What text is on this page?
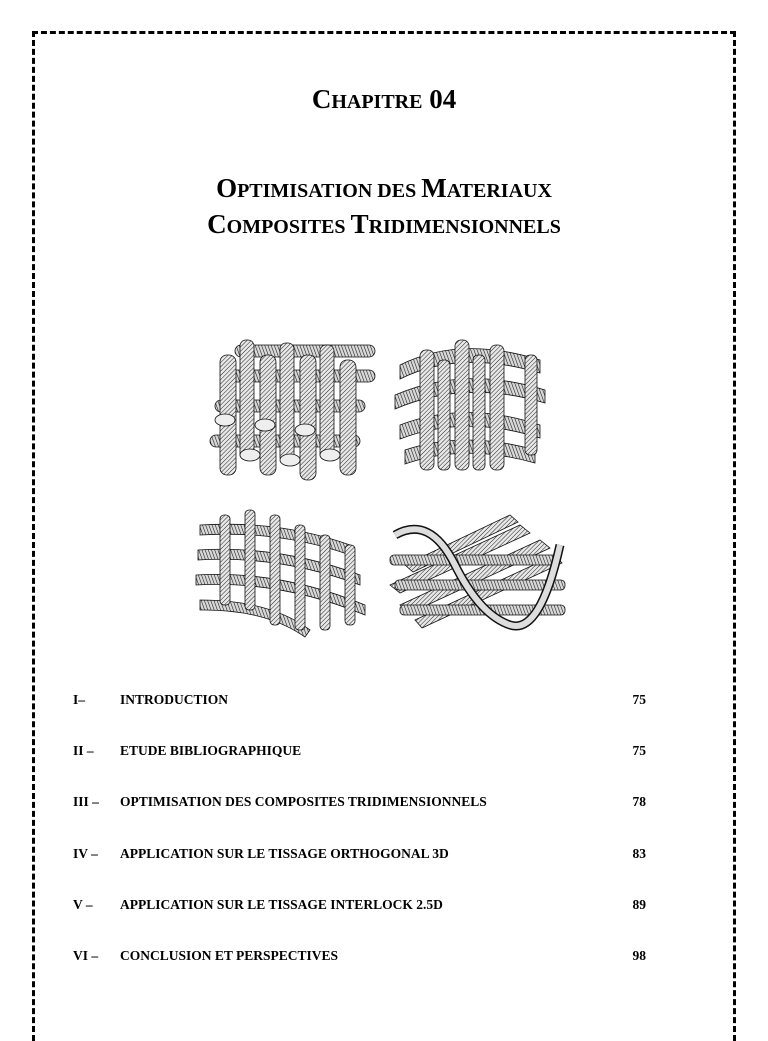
CHAPITRE 04
OPTIMISATION DES MATERIAUX
COMPOSITES TRIDIMENSIONNELS
I–	INTRODUCTION	75
II – ETUDE BIBLIOGRAPHIQUE	75
III – OPTIMISATION DES COMPOSITES TRIDIMENSIONNELS	78
IV – APPLICATION SUR LE TISSAGE ORTHOGONAL 3D	83
V – APPLICATION SUR LE TISSAGE INTERLOCK 2.5D	89
VI – CONCLUSION ET PERSPECTIVES	98
